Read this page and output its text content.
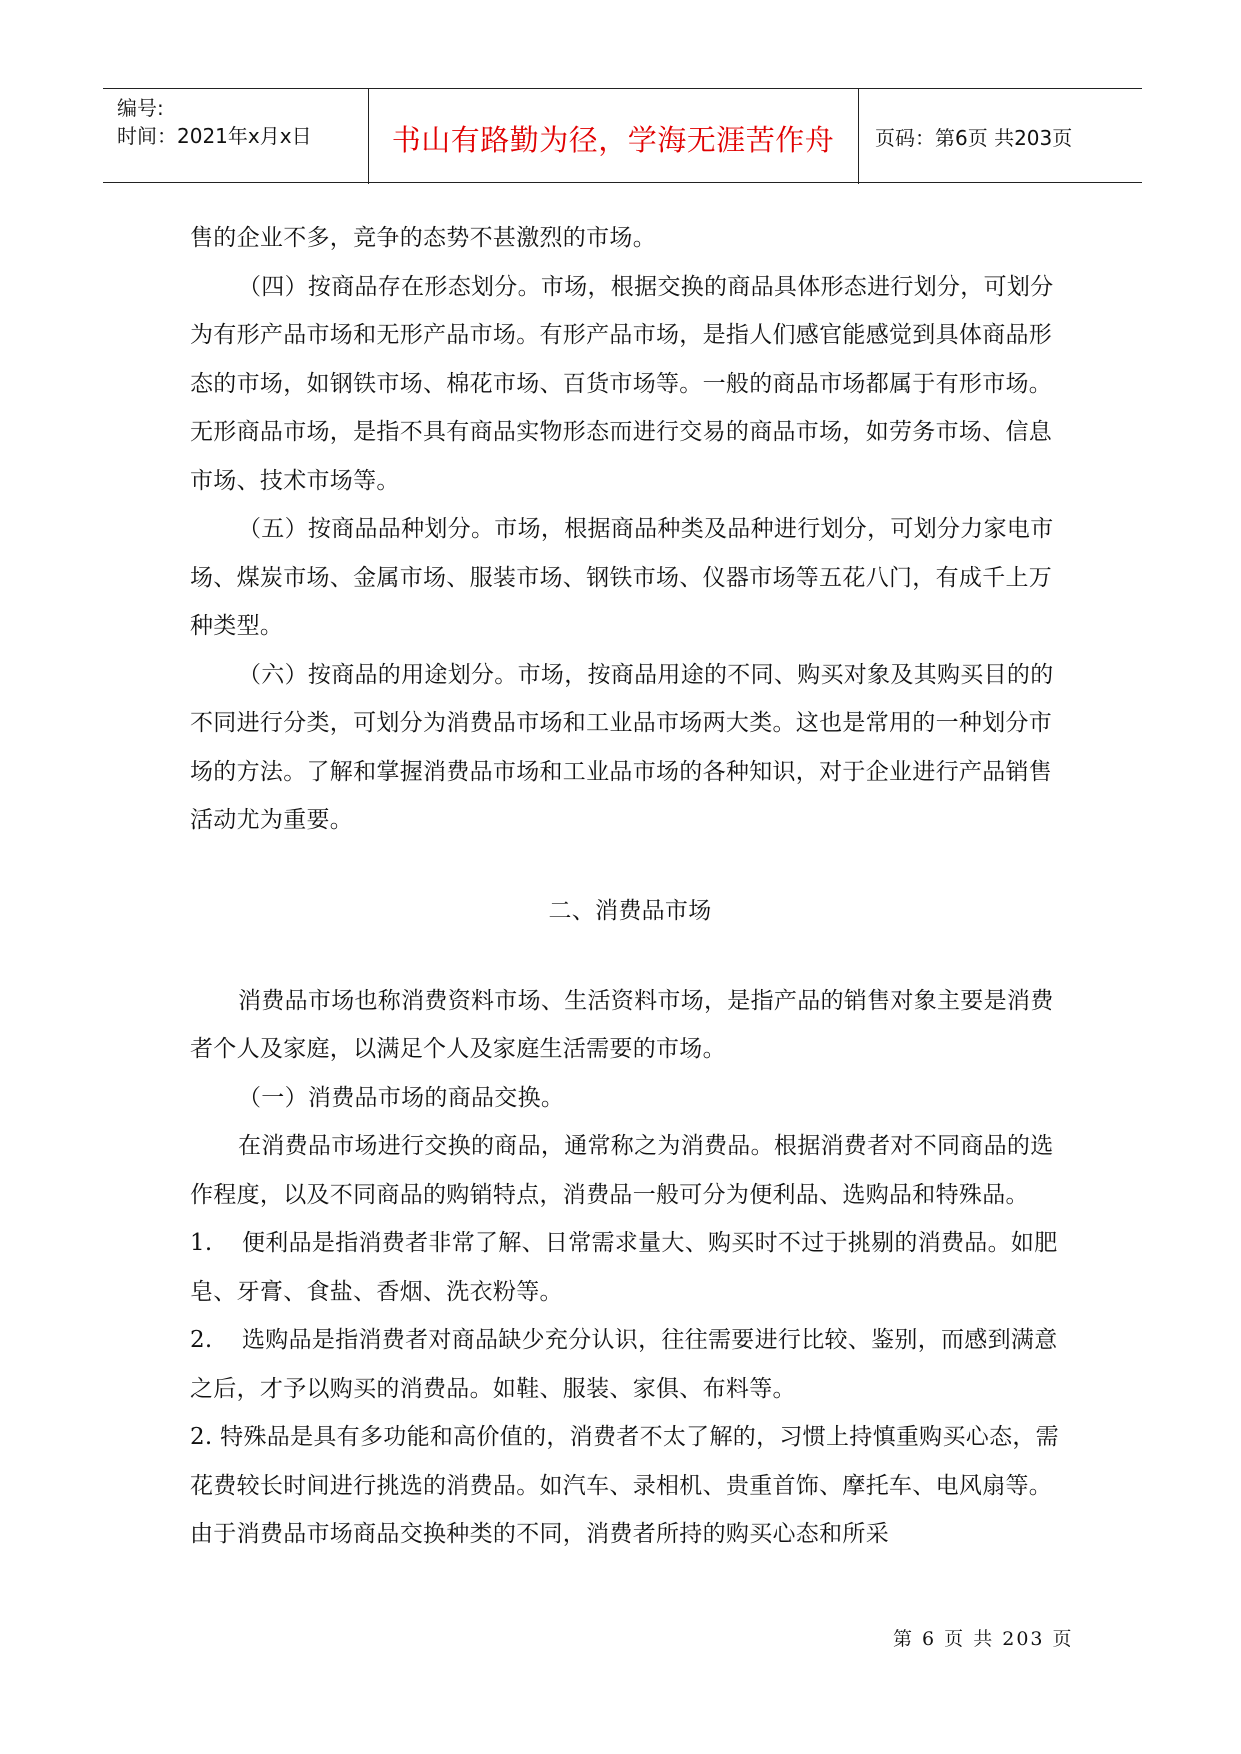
编号:
时间：2021年x月x日	书山有路勤为径，学海无涯苦作舟	页码：第6页 共203页

售的企业不多，竞争的态势不甚激烈的市场。

（四）按商品存在形态划分。市场，根据交换的商品具体形态进行划分，可划分为有形产品市场和无形产品市场。有形产品市场，是指人们感官能感觉到具体商品形态的市场，如钢铁市场、棉花市场、百货市场等。一般的商品市场都属于有形市场。无形商品市场，是指不具有商品实物形态而进行交易的商品市场，如劳务市场、信息市场、技术市场等。

（五）按商品品种划分。市场，根据商品种类及品种进行划分，可划分力家电市场、煤炭市场、金属市场、服装市场、钢铁市场、仪器市场等五花八门，有成千上万种类型。

（六）按商品的用途划分。市场，按商品用途的不同、购买对象及其购买目的的不同进行分类，可划分为消费品市场和工业品市场两大类。这也是常用的一种划分市场的方法。了解和掌握消费品市场和工业品市场的各种知识，对于企业进行产品销售活动尤为重要。

二、消费品市场

消费品市场也称消费资料市场、生活资料市场，是指产品的销售对象主要是消费者个人及家庭，以满足个人及家庭生活需要的市场。

（一）消费品市场的商品交换。

在消费品市场进行交换的商品，通常称之为消费品。根据消费者对不同商品的选作程度，以及不同商品的购销特点，消费品一般可分为便利品、选购品和特殊品。

1. 便利品是指消费者非常了解、日常需求量大、购买时不过于挑剔的消费品。如肥皂、牙膏、食盐、香烟、洗衣粉等。

2. 选购品是指消费者对商品缺少充分认识，往往需要进行比较、鉴别，而感到满意之后，才予以购买的消费品。如鞋、服装、家俱、布料等。

2. 特殊品是具有多功能和高价值的，消费者不太了解的，习惯上持慎重购买心态，需花费较长时间进行挑选的消费品。如汽车、录相机、贵重首饰、摩托车、电风扇等。由于消费品市场商品交换种类的不同，消费者所持的购买心态和所采

第 6 页 共 203 页
